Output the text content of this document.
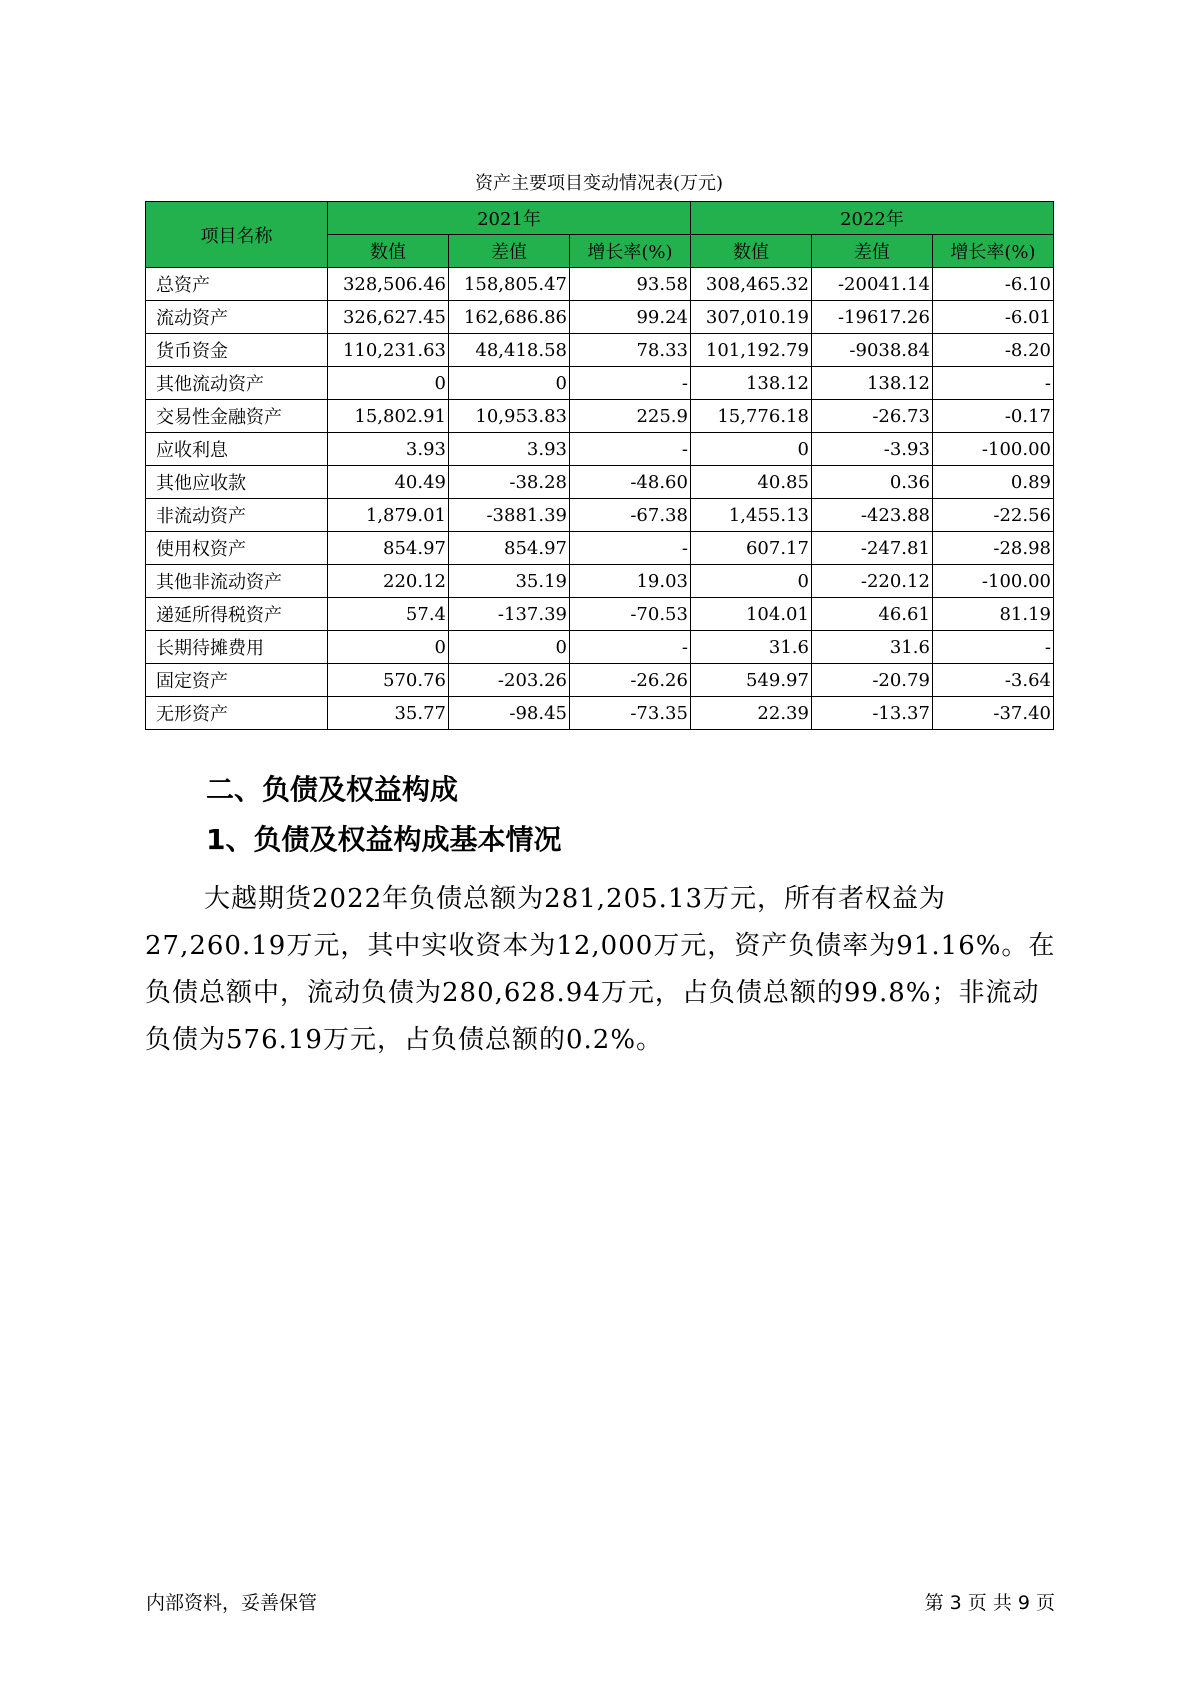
资产主要项目变动情况表(万元)
项目名称	2021年			2022年		
	数值	差值	增长率(%)	数值	差值	增长率(%)
总资产	328,506.46	158,805.47	93.58	308,465.32	-20041.14	-6.10
流动资产	326,627.45	162,686.86	99.24	307,010.19	-19617.26	-6.01
货币资金	110,231.63	48,418.58	78.33	101,192.79	-9038.84	-8.20
其他流动资产	0	0	-	138.12	138.12	-
交易性金融资产	15,802.91	10,953.83	225.9	15,776.18	-26.73	-0.17
应收利息	3.93	3.93	-	0	-3.93	-100.00
其他应收款	40.49	-38.28	-48.60	40.85	0.36	0.89
非流动资产	1,879.01	-3881.39	-67.38	1,455.13	-423.88	-22.56
使用权资产	854.97	854.97	-	607.17	-247.81	-28.98
其他非流动资产	220.12	35.19	19.03	0	-220.12	-100.00
递延所得税资产	57.4	-137.39	-70.53	104.01	46.61	81.19
长期待摊费用	0	0	-	31.6	31.6	-
固定资产	570.76	-203.26	-26.26	549.97	-20.79	-3.64
无形资产	35.77	-98.45	-73.35	22.39	-13.37	-37.40
二、负债及权益构成
1、负债及权益构成基本情况
大越期货2022年负债总额为281,205.13万元，所有者权益为27,260.19万元，其中实收资本为12,000万元，资产负债率为91.16%。在负债总额中，流动负债为280,628.94万元，占负债总额的99.8%；非流动负债为576.19万元，占负债总额的0.2%。
内部资料，妥善保管	第 3 页 共 9 页
